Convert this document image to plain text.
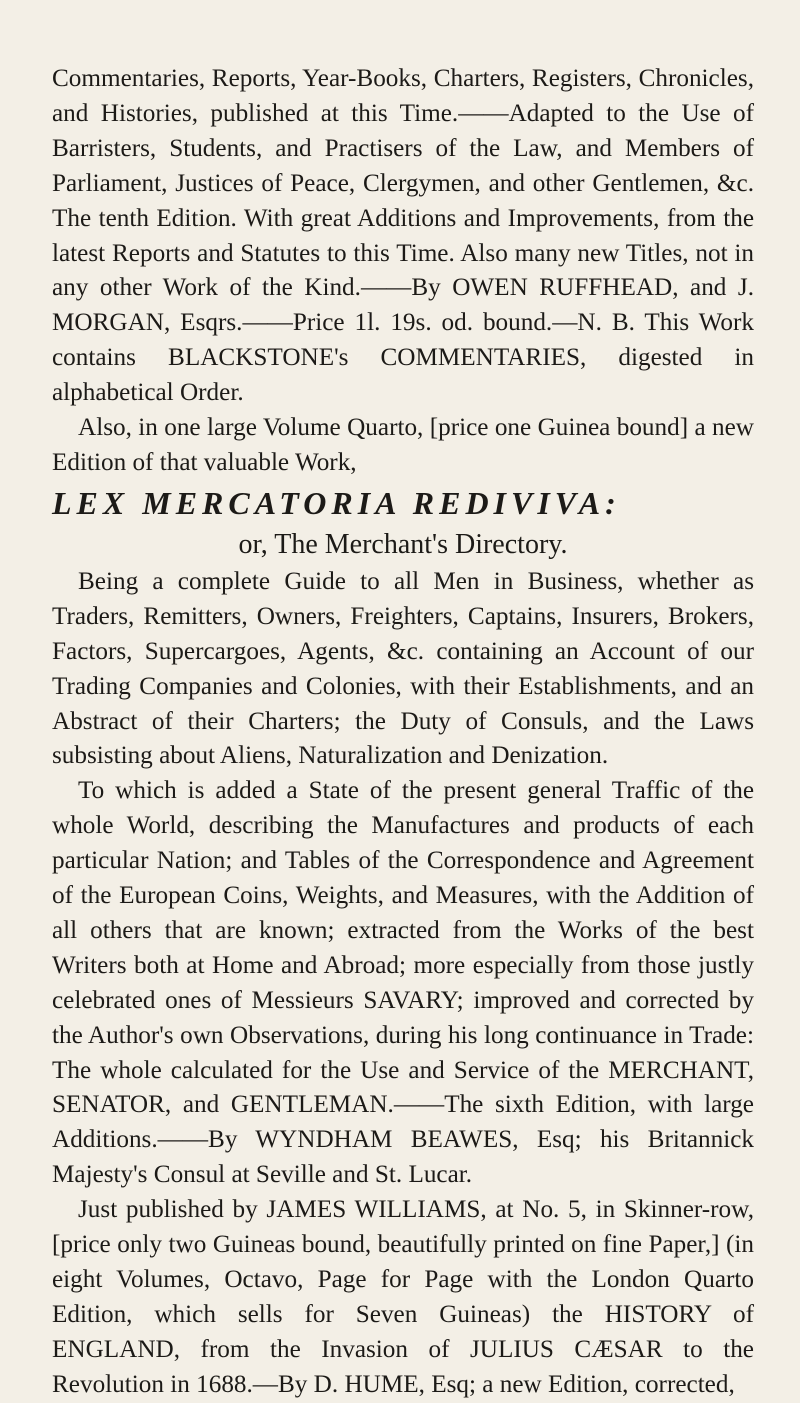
Commentaries, Reports, Year-Books, Charters, Registers, Chronicles, and Histories, published at this Time.——Adapted to the Use of Barristers, Students, and Practisers of the Law, and Members of Parliament, Justices of Peace, Clergymen, and other Gentlemen, &c. The tenth Edition. With great Additions and Improvements, from the latest Reports and Statutes to this Time. Also many new Titles, not in any other Work of the Kind.——By OWEN RUFFHEAD, and J. MORGAN, Esqrs.——Price 1l. 19s. od. bound.—N. B. This Work contains BLACKSTONE's COMMENTARIES, digested in alphabetical Order.

Also, in one large Volume Quarto, [price one Guinea bound] a new Edition of that valuable Work,

LEX MERCATORIA REDIVIVA:

or, The Merchant's Directory.

Being a complete Guide to all Men in Business, whether as Traders, Remitters, Owners, Freighters, Captains, Insurers, Brokers, Factors, Supercargoes, Agents, &c. containing an Account of our Trading Companies and Colonies, with their Establishments, and an Abstract of their Charters; the Duty of Consuls, and the Laws subsisting about Aliens, Naturalization and Denization.

To which is added a State of the present general Traffic of the whole World, describing the Manufactures and products of each particular Nation; and Tables of the Correspondence and Agreement of the European Coins, Weights, and Measures, with the Addition of all others that are known; extracted from the Works of the best Writers both at Home and Abroad; more especially from those justly celebrated ones of Messieurs SAVARY; improved and corrected by the Author's own Observations, during his long continuance in Trade: The whole calculated for the Use and Service of the MERCHANT, SENATOR, and GENTLEMAN.——The sixth Edition, with large Additions.——By WYNDHAM BEAWES, Esq; his Britannick Majesty's Consul at Seville and St. Lucar.

Just published by JAMES WILLIAMS, at No. 5, in Skinner-row, [price only two Guineas bound, beautifully printed on fine Paper,] (in eight Volumes, Octavo, Page for Page with the London Quarto Edition, which sells for Seven Guineas) the HISTORY of ENGLAND, from the Invasion of JULIUS CÆSAR to the Revolution in 1688.—By D. HUME, Esq; a new Edition, corrected,
